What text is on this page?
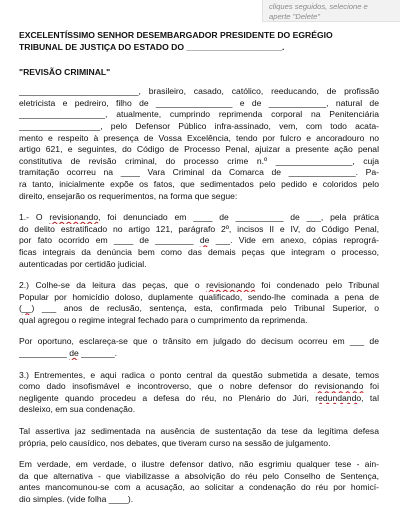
cliques seguidos, selecione e
aperte "Delete"
EXCELENTÍSSIMO SENHOR DESEMBARGADOR PRESIDENTE DO EGRÉGIO
TRIBUNAL DE JUSTIÇA DO ESTADO DO ____________________.
"REVISÃO CRIMINAL"
_________________________, brasileiro, casado, católico, reeducando, de profissão
eletricista e pedreiro, filho de ________________ e de ____________, natural de
__________________, atualmente, cumprindo reprimenda corporal na Penitenciária
_________________, pelo Defensor Público infra-assinado, vem, com todo acata-
mento e respeito à presença de Vossa Excelência, tendo por fulcro e ancoradouro no
artigo 621, e seguintes, do Código de Processo Penal, ajuizar a presente ação penal
constitutiva de revisão criminal, do processo crime n.º ________________, cuja
tramitação ocorreu na ____ Vara Criminal da Comarca de ______________. Pa-
ra tanto, inicialmente expõe os fatos, que sedimentados pelo pedido e coloridos pelo
direito, ensejarão os requerimentos, na forma que segue:
1.- O revisionando, foi denunciado em ____ de __________ de ___, pela prática
do delito estratificado no artigo 121, parágrafo 2º, incisos II e IV, do Código Penal,
por fato ocorrido em ____ de ________ de ___. Vide em anexo, cópias reprográ-
ficas integrais da denúncia bem como das demais peças que integram o processo,
autenticadas por certidão judicial.
2.) Colhe-se da leitura das peças, que o revisionando foi condenado pelo Tribunal
Popular por homicídio doloso, duplamente qualificado, sendo-lhe cominada a pena de
(__) ___ anos de reclusão, sentença, esta, confirmada pelo Tribunal Superior, o
qual agregou o regime integral fechado para o cumprimento da reprimenda.
Por oportuno, esclareça-se que o trânsito em julgado do decisum ocorreu em ___ de
__________ de _______.
3.) Entrementes, e aqui radica o ponto central da questão submetida a desate, temos
como dado insofismável e incontroverso, que o nobre defensor do revisionando foi
negligente quando procedeu a defesa do réu, no Plenário do Júri, redundando, tal
desleixo, em sua condenação.
Tal assertiva jaz sedimentada na ausência de sustentação da tese da legítima defesa
própria, pelo causídico, nos debates, que tiveram curso na sessão de julgamento.
Em verdade, em verdade, o ilustre defensor dativo, não esgrimiu qualquer tese - ain-
da que alternativa - que viabilizasse a absolvição do réu pelo Conselho de Sentença,
antes mancomunou-se com a acusação, ao solicitar a condenação do réu por homicí-
dio simples. (vide folha ____).
